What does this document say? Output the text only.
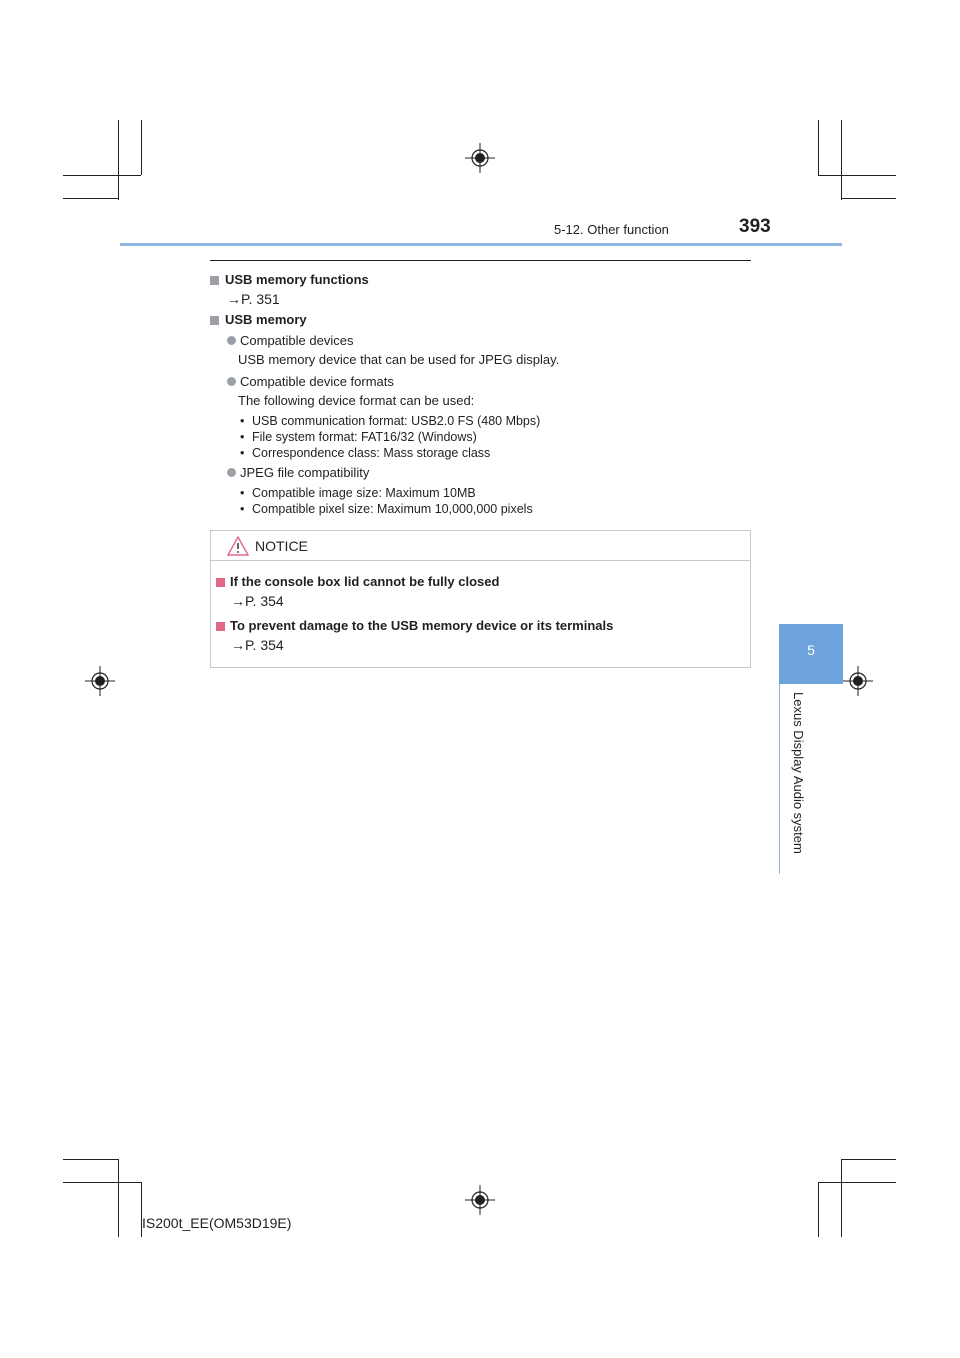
5-12. Other function	393
5
Lexus Display Audio system
USB memory functions
→P. 351
USB memory
Compatible devices
USB memory device that can be used for JPEG display.
Compatible device formats
The following device format can be used:
• USB communication format: USB2.0 FS (480 Mbps)
• File system format: FAT16/32 (Windows)
• Correspondence class: Mass storage class
JPEG file compatibility
• Compatible image size: Maximum 10MB
• Compatible pixel size: Maximum 10,000,000 pixels
NOTICE
If the console box lid cannot be fully closed
→P. 354
To prevent damage to the USB memory device or its terminals
→P. 354
IS200t_EE(OM53D19E)
